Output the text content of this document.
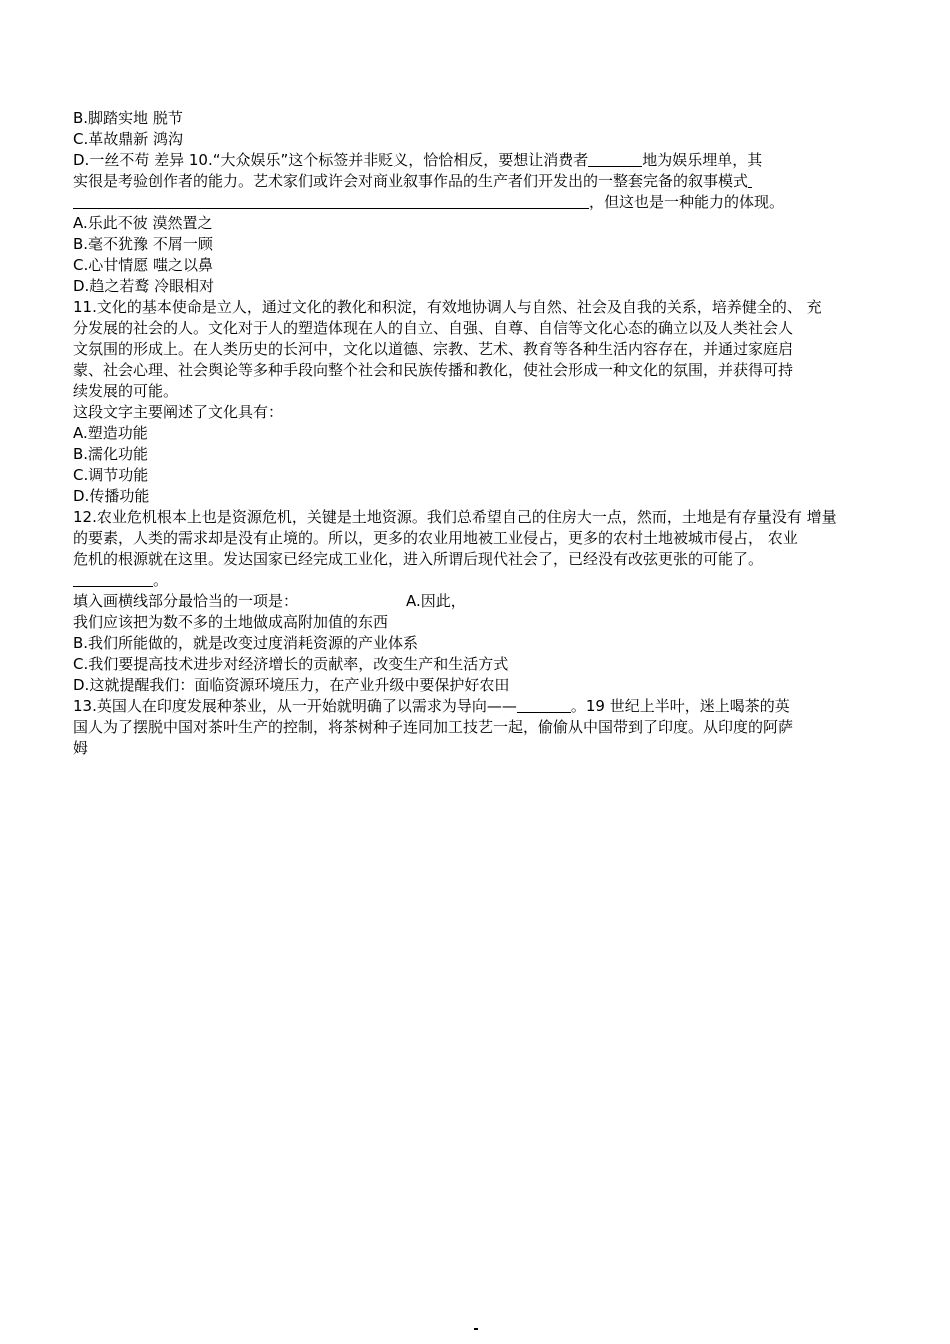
B.脚踏实地 脱节
C.革故鼎新 鸿沟
D.一丝不苟 差异 10.“大众娱乐”这个标签并非贬义，恰恰相反，要想让消费者	地为娱乐埋单，其
实很是考验创作者的能力。艺术家们或许会对商业叙事作品的生产者们开发出的一整套完备的叙事模式
，但这也是一种能力的体现。
A.乐此不彼 漠然置之
B.毫不犹豫 不屑一顾
C.心甘情愿 嗤之以鼻
D.趋之若鹜 冷眼相对
11.文化的基本使命是立人，通过文化的教化和积淀，有效地协调人与自然、社会及自我的关系，培养健全的、 充
分发展的社会的人。文化对于人的塑造体现在人的自立、自强、自尊、自信等文化心态的确立以及人类社会人
文氛围的形成上。在人类历史的长河中，文化以道德、宗教、艺术、教育等各种生活内容存在，并通过家庭启
蒙、社会心理、社会舆论等多种手段向整个社会和民族传播和教化，使社会形成一种文化的氛围，并获得可持
续发展的可能。
这段文字主要阐述了文化具有：
A.塑造功能
B.濡化功能
C.调节功能
D.传播功能
12.农业危机根本上也是资源危机，关键是土地资源。我们总希望自己的住房大一点，然而，土地是有存量没有 增量
的要素，人类的需求却是没有止境的。所以，更多的农业用地被工业侵占，更多的农村土地被城市侵占， 农业
危机的根源就在这里。发达国家已经完成工业化，进入所谓后现代社会了，已经没有改弦更张的可能了。
。
填入画横线部分最恰当的一项是：	A.因此，
我们应该把为数不多的土地做成高附加值的东西
B.我们所能做的，就是改变过度消耗资源的产业体系
C.我们要提高技术进步对经济增长的贡献率，改变生产和生活方式
D.这就提醒我们：面临资源环境压力，在产业升级中要保护好农田
13.英国人在印度发展种茶业，从一开始就明确了以需求为导向——	。19 世纪上半叶，迷上喝茶的英
国人为了摆脱中国对茶叶生产的控制，将茶树种子连同加工技艺一起，偷偷从中国带到了印度。从印度的阿萨
姆
